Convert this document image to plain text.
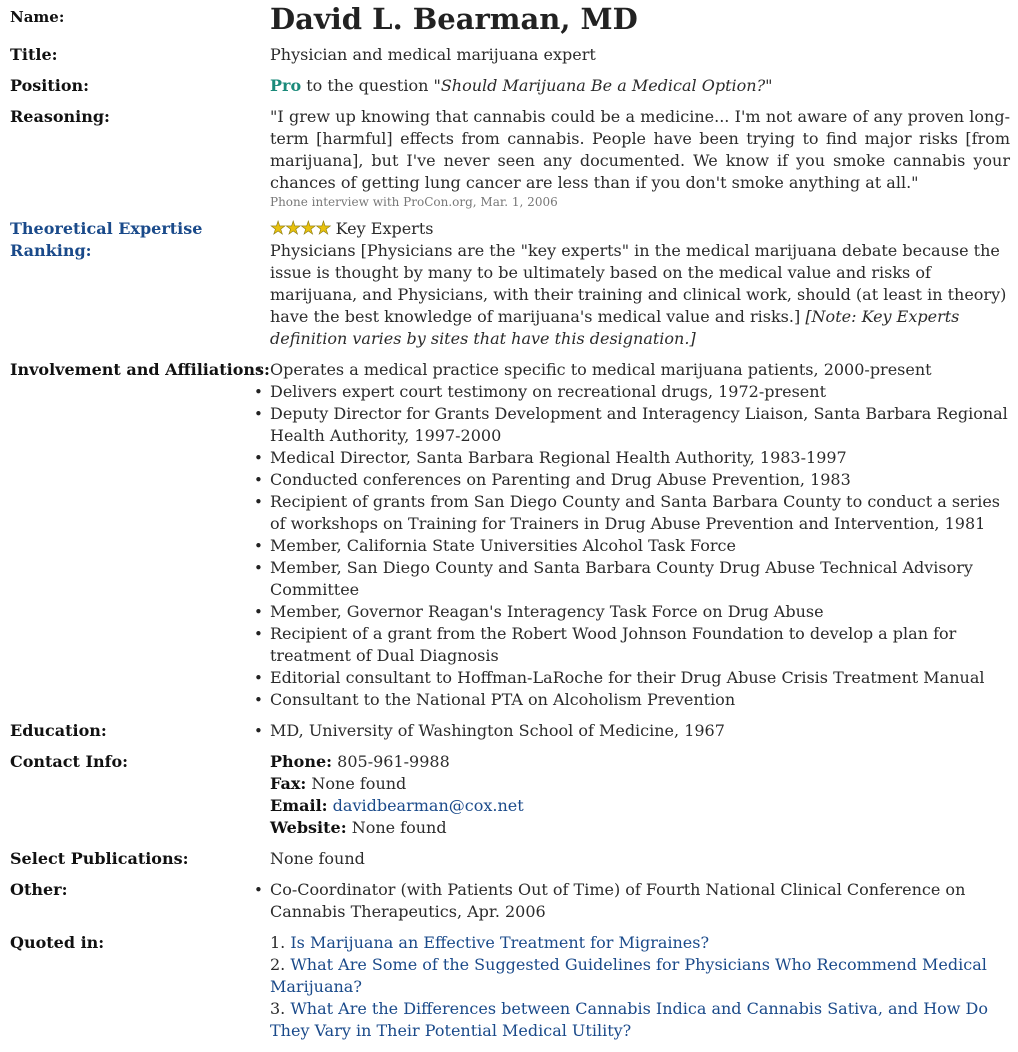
Name:	David L. Bearman, MD
Title:	Physician and medical marijuana expert
Position:	Pro to the question "Should Marijuana Be a Medical Option?"
Reasoning:	"I grew up knowing that cannabis could be a medicine... I'm not aware of any proven long-term [harmful] effects from cannabis. People have been trying to find major risks [from marijuana], but I've never seen any documented. We know if you smoke cannabis your chances of getting lung cancer are less than if you don't smoke anything at all."
Phone interview with ProCon.org, Mar. 1, 2006
Theoretical Expertise Ranking:
★★★★ Key Experts
Physicians [Physicians are the "key experts" in the medical marijuana debate because the issue is thought by many to be ultimately based on the medical value and risks of marijuana, and Physicians, with their training and clinical work, should (at least in theory) have the best knowledge of marijuana's medical value and risks.] [Note: Key Experts definition varies by sites that have this designation.]
Involvement and Affiliations: • Operates a medical practice specific to medical marijuana patients, 2000-present
• Delivers expert court testimony on recreational drugs, 1972-present
• Deputy Director for Grants Development and Interagency Liaison, Santa Barbara Regional Health Authority, 1997-2000
• Medical Director, Santa Barbara Regional Health Authority, 1983-1997
• Conducted conferences on Parenting and Drug Abuse Prevention, 1983
• Recipient of grants from San Diego County and Santa Barbara County to conduct a series of workshops on Training for Trainers in Drug Abuse Prevention and Intervention, 1981
• Member, California State Universities Alcohol Task Force
• Member, San Diego County and Santa Barbara County Drug Abuse Technical Advisory Committee
• Member, Governor Reagan's Interagency Task Force on Drug Abuse
• Recipient of a grant from the Robert Wood Johnson Foundation to develop a plan for treatment of Dual Diagnosis
• Editorial consultant to Hoffman-LaRoche for their Drug Abuse Crisis Treatment Manual
• Consultant to the National PTA on Alcoholism Prevention
Education:	• MD, University of Washington School of Medicine, 1967
Contact Info:	Phone: 805-961-9988
Fax: None found
Email: davidbearman@cox.net
Website: None found
Select Publications:	None found
Other:	• Co-Coordinator (with Patients Out of Time) of Fourth National Clinical Conference on Cannabis Therapeutics, Apr. 2006
Quoted in:	1. Is Marijuana an Effective Treatment for Migraines?
2. What Are Some of the Suggested Guidelines for Physicians Who Recommend Medical Marijuana?
3. What Are the Differences between Cannabis Indica and Cannabis Sativa, and How Do They Vary in Their Potential Medical Utility?
